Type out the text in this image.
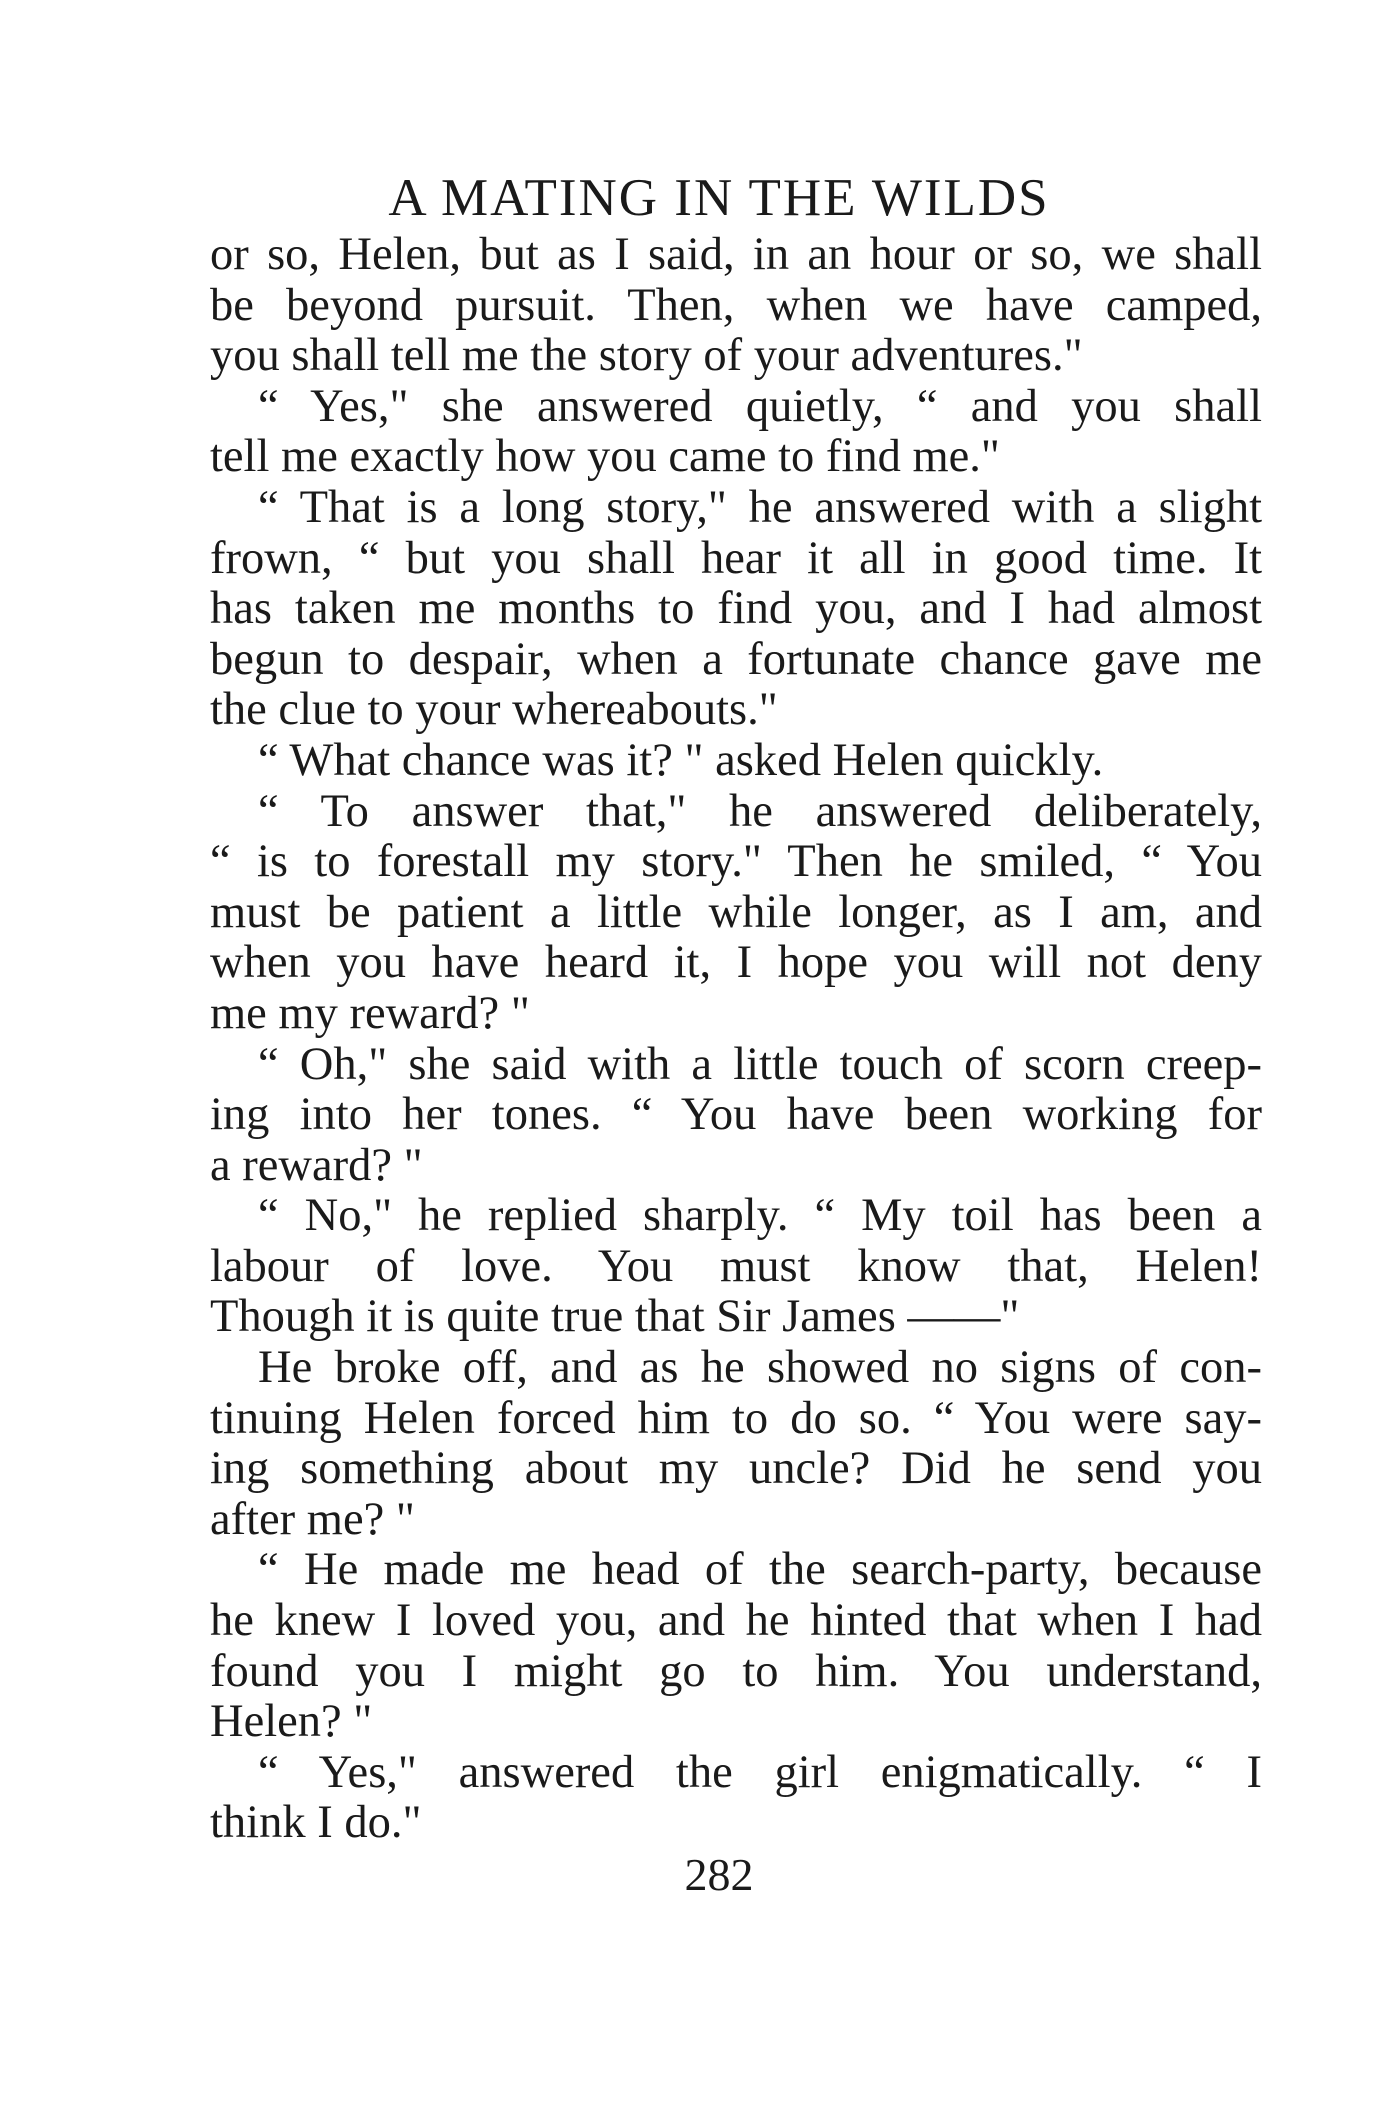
A MATING IN THE WILDS
or so, Helen, but as I said, in an hour or so, we shall
be beyond pursuit. Then, when we have camped,
you shall tell me the story of your adventures."
“ Yes," she answered quietly, “ and you shall
tell me exactly how you came to find me."
“ That is a long story," he answered with a slight
frown, “ but you shall hear it all in good time. It
has taken me months to find you, and I had almost
begun to despair, when a fortunate chance gave me
the clue to your whereabouts."
“ What chance was it? " asked Helen quickly.
“ To answer that," he answered deliberately,
“ is to forestall my story." Then he smiled, “ You
must be patient a little while longer, as I am, and
when you have heard it, I hope you will not deny
me my reward? "
“ Oh," she said with a little touch of scorn creep-
ing into her tones. “ You have been working for
a reward? "
“ No," he replied sharply. “ My toil has been a
labour of love. You must know that, Helen!
Though it is quite true that Sir James ——"
He broke off, and as he showed no signs of con-
tinuing Helen forced him to do so. “ You were say-
ing something about my uncle? Did he send you
after me? "
“ He made me head of the search-party, because
he knew I loved you, and he hinted that when I had
found you I might go to him. You understand,
Helen? "
“ Yes," answered the girl enigmatically. “ I
think I do."
282
